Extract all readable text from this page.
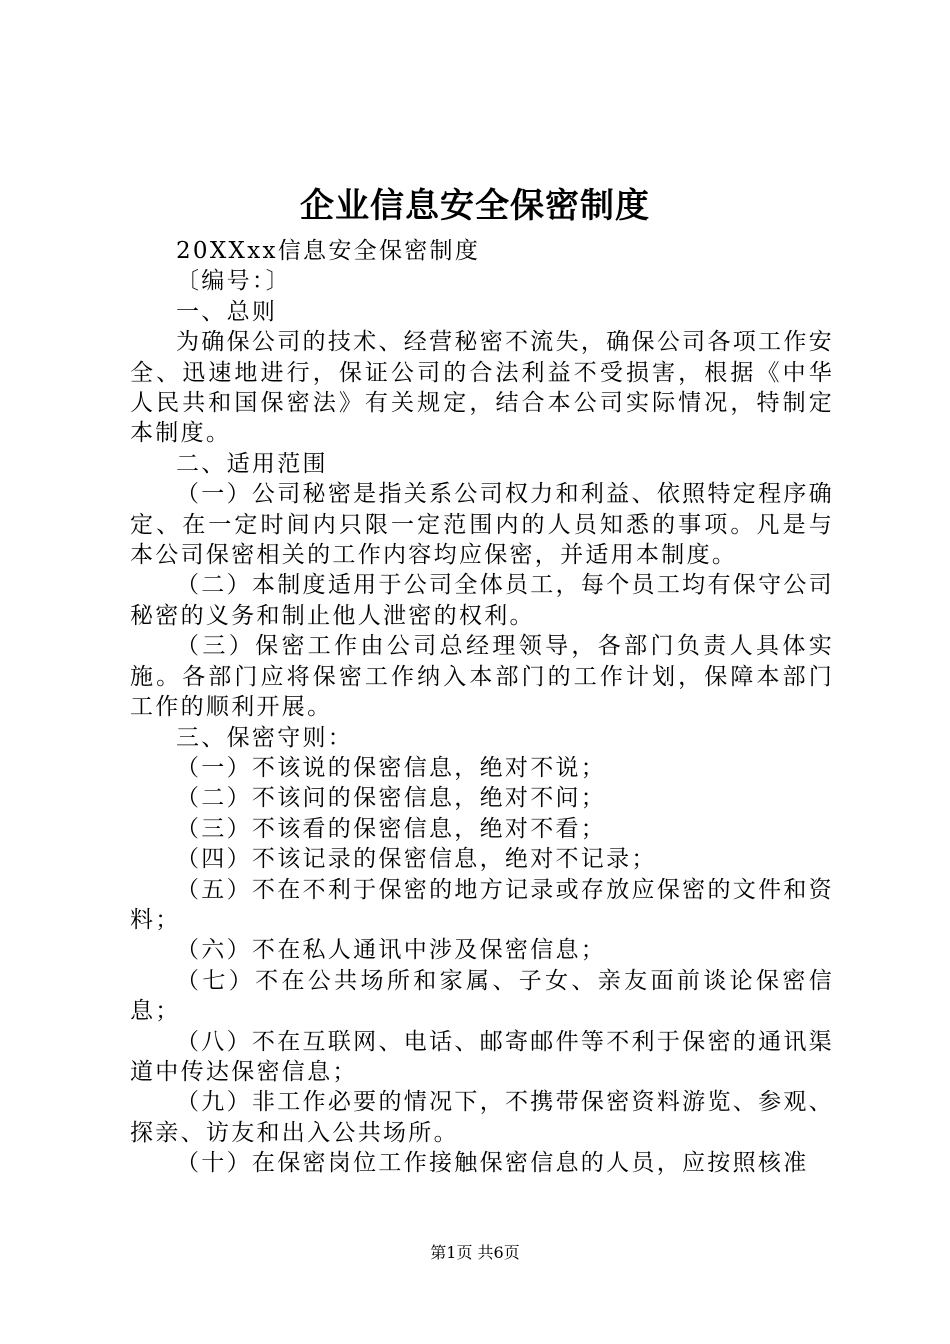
企业信息安全保密制度

20XXxx信息安全保密制度

〔编号：〕

一、总则

为确保公司的技术、经营秘密不流失，确保公司各项工作安全、迅速地进行，保证公司的合法利益不受损害，根据《中华人民共和国保密法》有关规定，结合本公司实际情况，特制定本制度。

二、适用范围

（一）公司秘密是指关系公司权力和利益、依照特定程序确定、在一定时间内只限一定范围内的人员知悉的事项。凡是与本公司保密相关的工作内容均应保密，并适用本制度。

（二）本制度适用于公司全体员工，每个员工均有保守公司秘密的义务和制止他人泄密的权利。

（三）保密工作由公司总经理领导，各部门负责人具体实施。各部门应将保密工作纳入本部门的工作计划，保障本部门工作的顺利开展。

三、保密守则：

（一）不该说的保密信息，绝对不说；

（二）不该问的保密信息，绝对不问；

（三）不该看的保密信息，绝对不看；

（四）不该记录的保密信息，绝对不记录；

（五）不在不利于保密的地方记录或存放应保密的文件和资料；

（六）不在私人通讯中涉及保密信息；

（七）不在公共场所和家属、子女、亲友面前谈论保密信息；

（八）不在互联网、电话、邮寄邮件等不利于保密的通讯渠道中传达保密信息；

（九）非工作必要的情况下，不携带保密资料游览、参观、探亲、访友和出入公共场所。

（十）在保密岗位工作接触保密信息的人员，应按照核准

第1页 共6页
